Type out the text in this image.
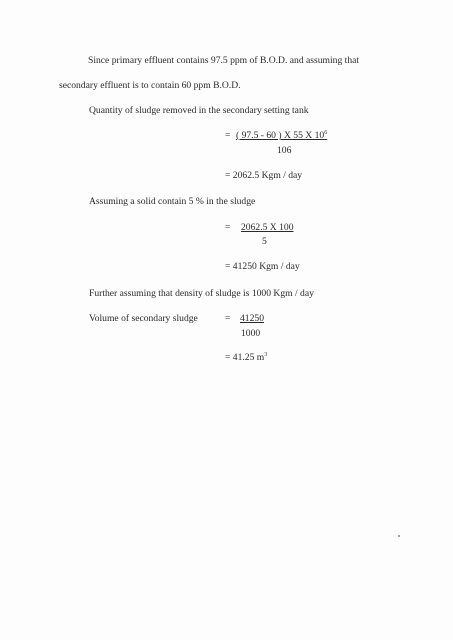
Since primary effluent contains 97.5 ppm of B.O.D. and assuming that
secondary effluent is to contain 60 ppm B.O.D.
Quantity of sludge removed in the secondary setting tank
= ( 97.5 - 60 ) X 55 X $10^6$
106
= 2062.5 Kgm / day
Assuming a solid contain 5 % in the sludge
= 2062.5 X 100
5
= 41250 Kgm / day
Further assuming that density of sludge is 1000 Kgm / day
Volume of secondary sludge	= 41250
1000
= 41.25 $m^3$
